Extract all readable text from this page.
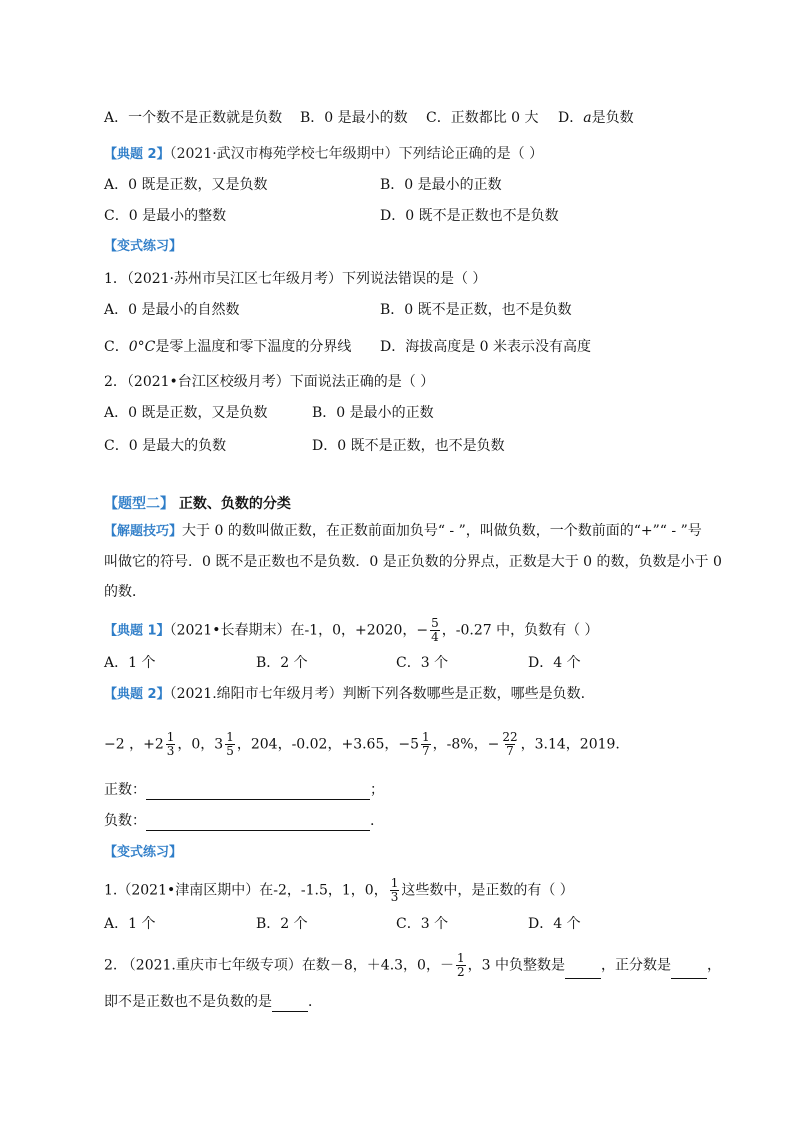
A．一个数不是正数就是负数 B．0 是最小的数 C．正数都比 0 大 D．a是负数
【典题 2】（2021·武汉市梅苑学校七年级期中）下列结论正确的是（ ）
A．0 既是正数，又是负数	B．0 是最小的正数
C．0 是最小的整数	D．0 既不是正数也不是负数
【变式练习】
1．（2021·苏州市吴江区七年级月考）下列说法错误的是（ ）
A．0 是最小的自然数	B．0 既不是正数，也不是负数
C．0°C是零上温度和零下温度的分界线 D．海拔高度是 0 米表示没有高度
2．（2021•台江区校级月考）下面说法正确的是（ ）
A．0 既是正数，又是负数	B．0 是最小的正数
C．0 是最大的负数	D．0 既不是正数，也不是负数
【题型二】 正数、负数的分类
【解题技巧】大于 0 的数叫做正数，在正数前面加负号“ - ”，叫做负数，一个数前面的“+”“ - ”号
叫做它的符号．0 既不是正数也不是负数．0 是正负数的分界点，正数是大于 0 的数，负数是小于 0
的数．
【典题 1】（2021•长春期末）在-1，0，+2020，− $\frac{5}{4}$ ，-0.27 中，负数有（ ）
A．1 个	B．2 个	C．3 个	D．4 个
【典题 2】（2021.绵阳市七年级月考）判断下列各数哪些是正数，哪些是负数.
−2 ，$+2 \frac{1}{3}$ ，0，$3 \frac{1}{5}$ ，204，-0.02，+3.65，$-5 \frac{1}{7}$ ，-8%，− $\frac{22}{7}$ ，3.14，2019.
正数：	；
负数：	.
【变式练习】
1.（2021•津南区期中）在-2，-1.5，1，0， $\frac{1}{3}$ 这些数中，是正数的有（ ）
A．1 个	B．2 个	C．3 个	D．4 个
2. （2021.重庆市七年级专项）在数－8，＋4.3，0，－ $\frac{1}{2}$ ，3 中负整数是	，正分数是	，
即不是正数也不是负数的是	．
